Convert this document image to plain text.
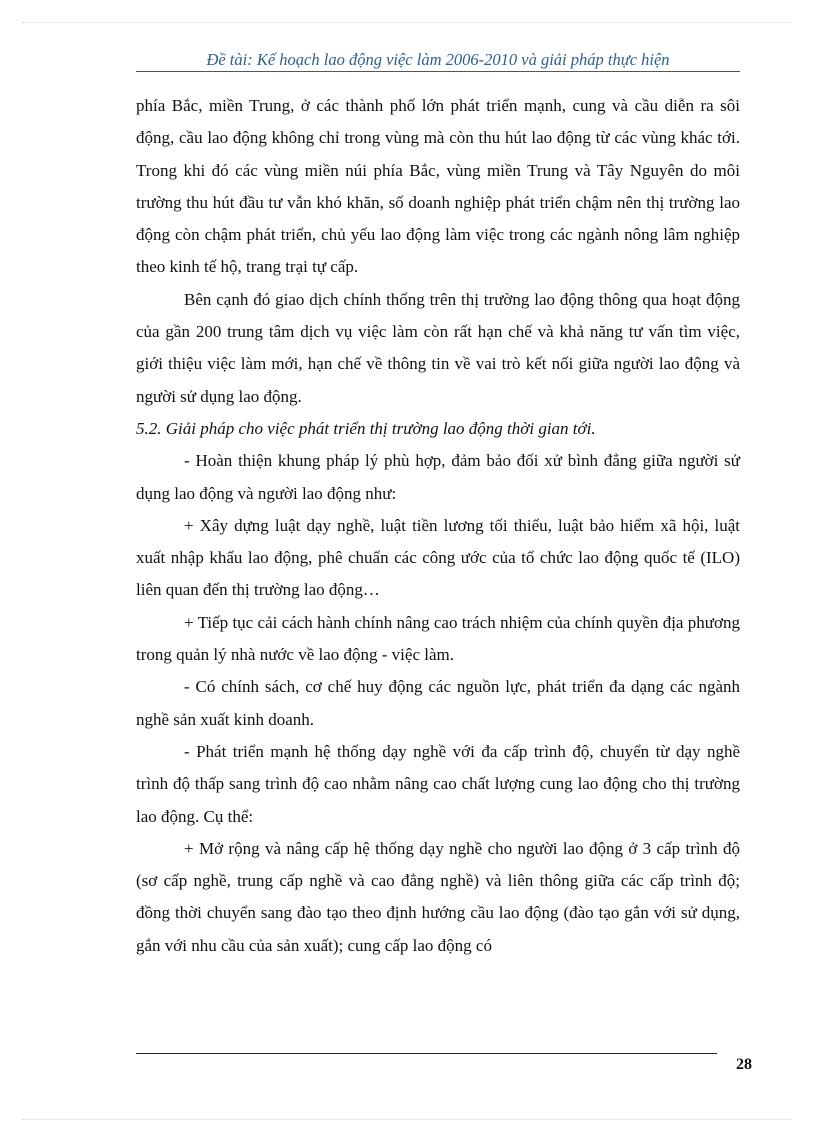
Đề tài: Kế hoạch lao động việc làm 2006-2010 và giải pháp thực hiện

phía Bắc, miền Trung, ở các thành phố lớn phát triển mạnh, cung và cầu diễn ra sôi động, cầu lao động không chỉ trong vùng mà còn thu hút lao động từ các vùng khác tới. Trong khi đó các vùng miền núi phía Bắc, vùng miền Trung và Tây Nguyên do môi trường thu hút đầu tư vẫn khó khăn, số doanh nghiệp phát triển chậm nên thị trường lao động còn chậm phát triển, chủ yếu lao động làm việc trong các ngành nông lâm nghiệp theo kinh tế hộ, trang trại tự cấp.

Bên cạnh đó giao dịch chính thống trên thị trường lao động thông qua hoạt động của gần 200 trung tâm dịch vụ việc làm còn rất hạn chế và khả năng tư vấn tìm việc, giới thiệu việc làm mới, hạn chế về thông tin về vai trò kết nối giữa người lao động và người sử dụng lao động.

5.2. Giải pháp cho việc phát triển thị trường lao động thời gian tới.

- Hoàn thiện khung pháp lý phù hợp, đảm bảo đối xử bình đẳng giữa người sử dụng lao động và người lao động như:

+ Xây dựng luật dạy nghề, luật tiền lương tối thiểu, luật bảo hiểm xã hội, luật xuất nhập khẩu lao động, phê chuẩn các công ước của tổ chức lao động quốc tế (ILO) liên quan đến thị trường lao động…

+ Tiếp tục cải cách hành chính nâng cao trách nhiệm của chính quyền địa phương trong quản lý nhà nước về lao động - việc làm.

- Có chính sách, cơ chế huy động các nguồn lực, phát triển đa dạng các ngành nghề sản xuất kinh doanh.

- Phát triển mạnh hệ thống dạy nghề với đa cấp trình độ, chuyển từ dạy nghề trình độ thấp sang trình độ cao nhằm nâng cao chất lượng cung lao động cho thị trường lao động. Cụ thể:

+ Mở rộng và nâng cấp hệ thống dạy nghề cho người lao động ở 3 cấp trình độ (sơ cấp nghề, trung cấp nghề và cao đẳng nghề) và liên thông giữa các cấp trình độ; đồng thời chuyển sang đào tạo theo định hướng cầu lao động (đào tạo gắn với sử dụng, gắn với nhu cầu của sản xuất); cung cấp lao động có

28
